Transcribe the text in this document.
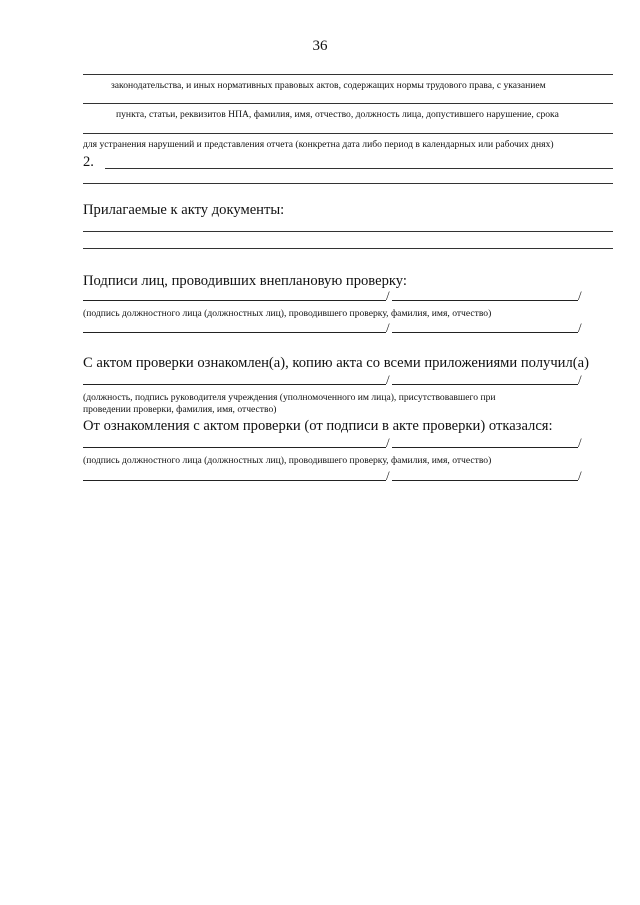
36
законодательства, и иных нормативных правовых актов, содержащих нормы трудового права, с указанием
пункта, статьи, реквизитов НПА, фамилия, имя, отчество, должность лица, допустившего нарушение, срока
для устранения нарушений и представления отчета (конкретна дата либо период в календарных или рабочих днях)
2.
Прилагаемые к акту документы:
Подписи лиц, проводивших внеплановую проверку:
/	/
(подпись должностного лица (должностных лиц), проводившего проверку, фамилия, имя, отчество)
/	/
С актом проверки ознакомлен(а), копию акта со всеми приложениями получил(а)
/	/
(должность, подпись руководителя учреждения (уполномоченного им лица), присутствовавшего при
проведении проверки, фамилия, имя, отчество)
От ознакомления с актом проверки (от подписи в акте проверки) отказался:
/	/
(подпись должностного лица (должностных лиц), проводившего проверку, фамилия, имя, отчество)
/	/
